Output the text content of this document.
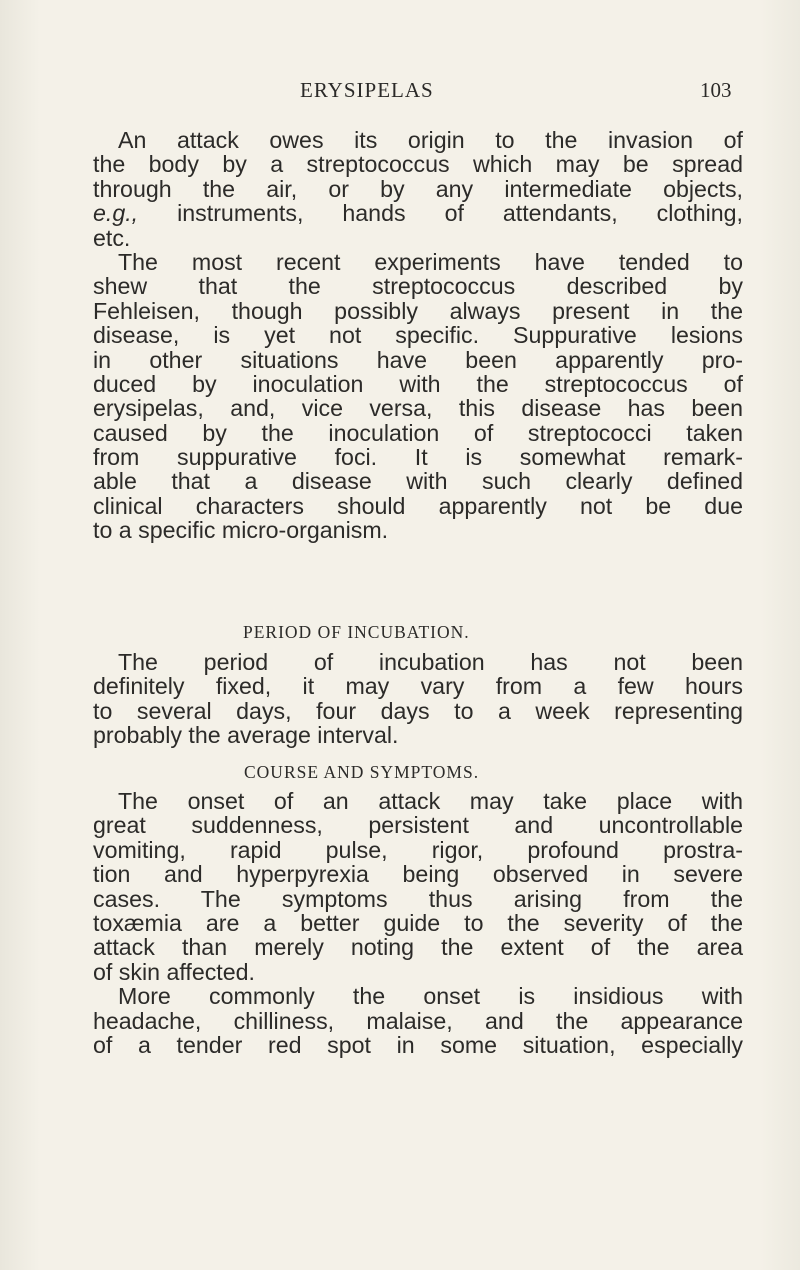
ERYSIPELAS	103
An attack owes its origin to the invasion of
the body by a streptococcus which may be spread
through the air, or by any intermediate objects,
e.g., instruments, hands of attendants, clothing,
etc.
The most recent experiments have tended to
shew that the streptococcus described by
Fehleisen, though possibly always present in the
disease, is yet not specific. Suppurative lesions
in other situations have been apparently pro-
duced by inoculation with the streptococcus of
erysipelas, and, vice versa, this disease has been
caused by the inoculation of streptococci taken
from suppurative foci. It is somewhat remark-
able that a disease with such clearly defined
clinical characters should apparently not be due
to a specific micro-organism.
PERIOD OF INCUBATION.
The period of incubation has not been
definitely fixed, it may vary from a few hours
to several days, four days to a week representing
probably the average interval.
COURSE AND SYMPTOMS.
The onset of an attack may take place with
great suddenness, persistent and uncontrollable
vomiting, rapid pulse, rigor, profound prostra-
tion and hyperpyrexia being observed in severe
cases. The symptoms thus arising from the
toxæmia are a better guide to the severity of the
attack than merely noting the extent of the area
of skin affected.
More commonly the onset is insidious with
headache, chilliness, malaise, and the appearance
of a tender red spot in some situation, especially
